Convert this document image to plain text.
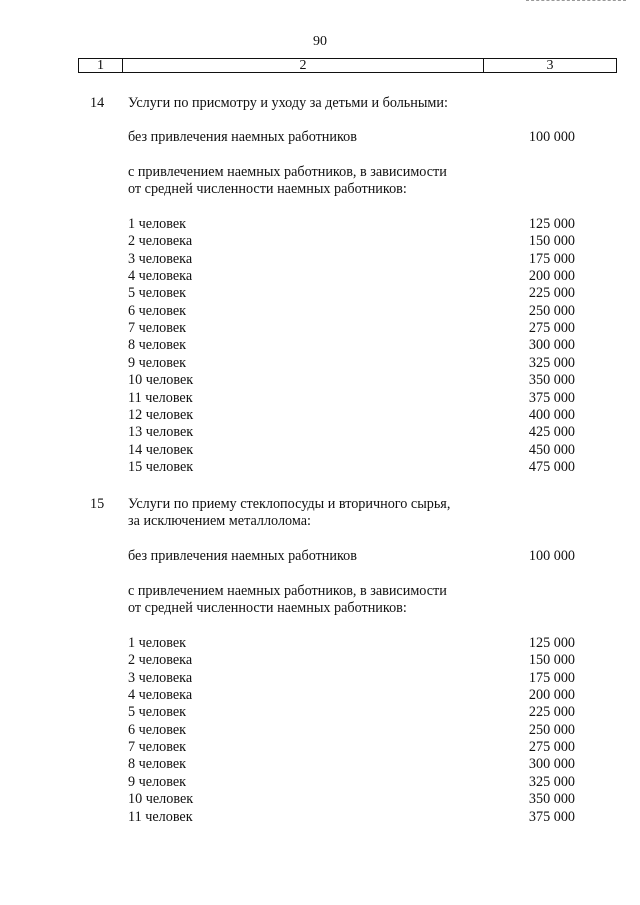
90
1	2	3
14 Услуги по присмотру и уходу за детьми и больными:
без привлечения наемных работников	100 000
с привлечением наемных работников, в зависимости
от средней численности наемных работников:
1 человек	125 000
2 человека	150 000
3 человека	175 000
4 человека	200 000
5 человек	225 000
6 человек	250 000
7 человек	275 000
8 человек	300 000
9 человек	325 000
10 человек	350 000
11 человек	375 000
12 человек	400 000
13 человек	425 000
14 человек	450 000
15 человек	475 000
15 Услуги по приему стеклопосуды и вторичного сырья,
за исключением металлолома:
без привлечения наемных работников	100 000
с привлечением наемных работников, в зависимости
от средней численности наемных работников:
1 человек	125 000
2 человека	150 000
3 человека	175 000
4 человека	200 000
5 человек	225 000
6 человек	250 000
7 человек	275 000
8 человек	300 000
9 человек	325 000
10 человек	350 000
11 человек	375 000
